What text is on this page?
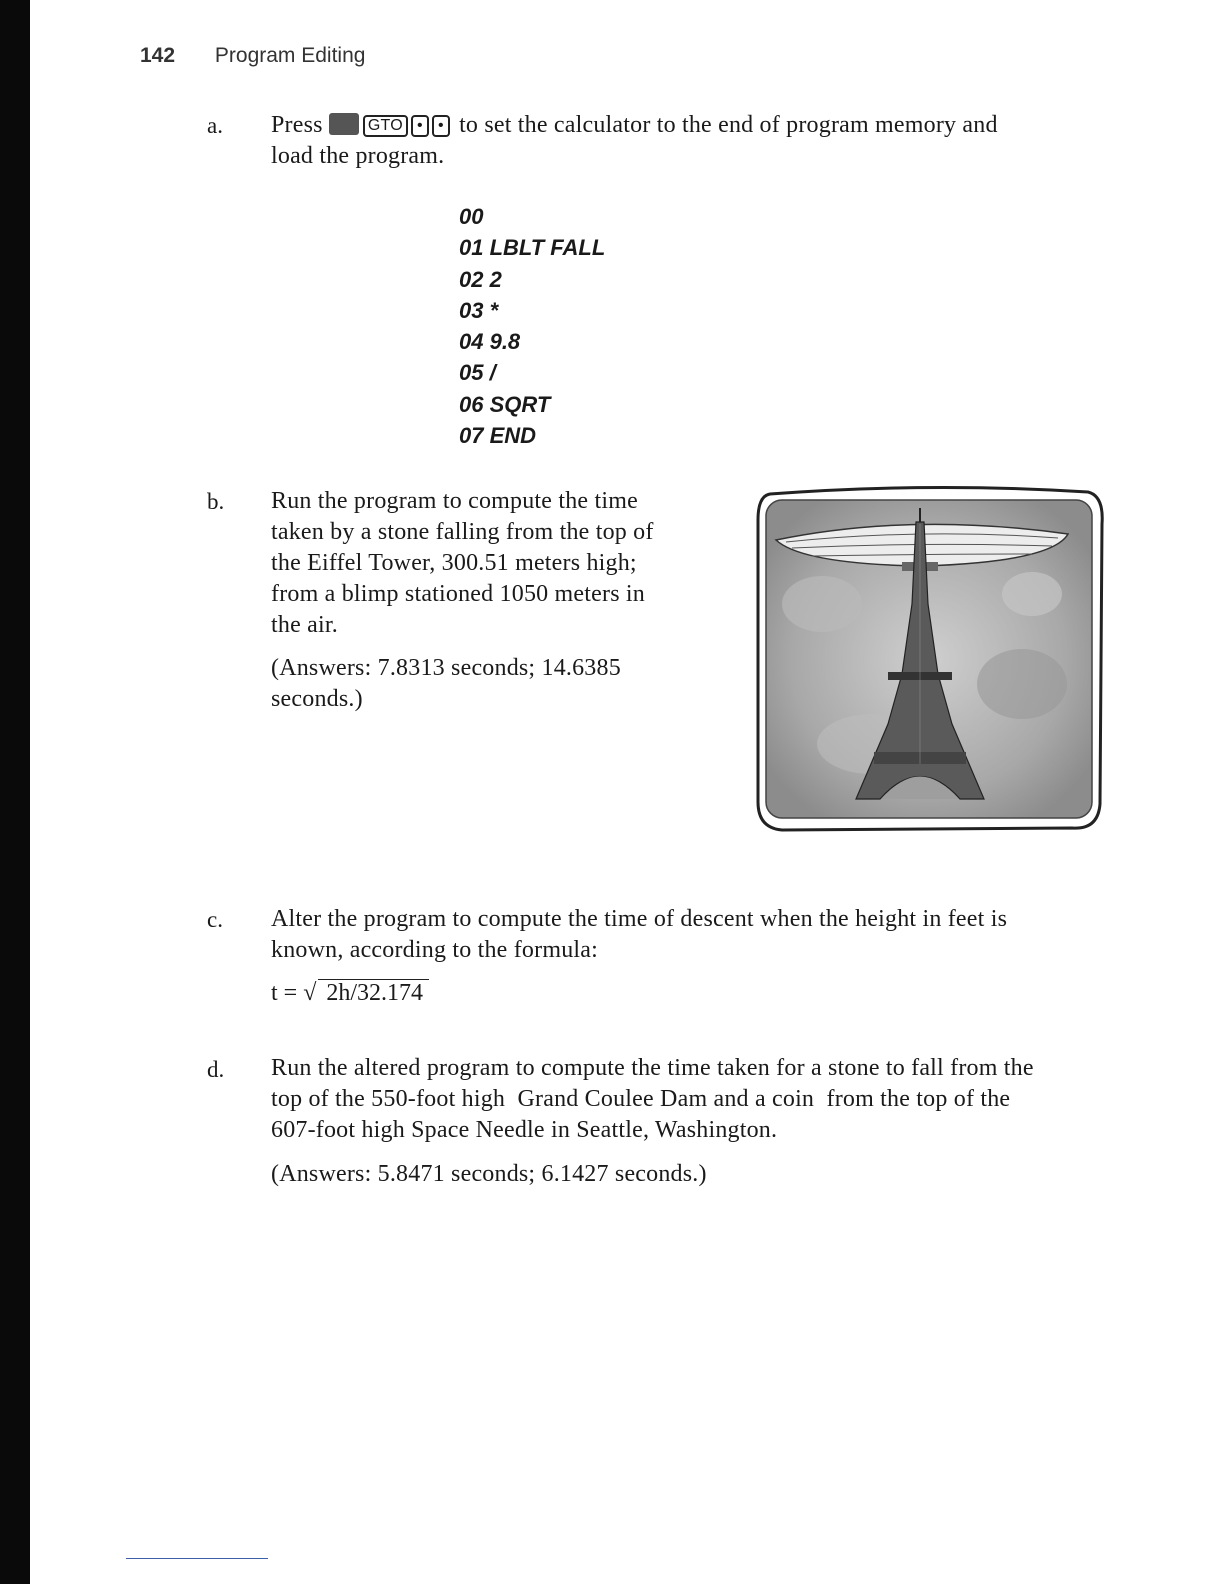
142 Program Editing
a. Press	GTO • • to set the calculator to the end of program memory and
load the program.
00
01 LBLT FALL
02 2
03 *
04 9.8
05 /
06 SQRT
07 END
b. Run the program to compute the time
taken by a stone falling from the top of
the Eiffel Tower, 300.51 meters high;
from a blimp stationed 1050 meters in
the air.
(Answers: 7.8313 seconds; 14.6385
seconds.)
c. Alter the program to compute the time of descent when the height in feet is
known, according to the formula:
t = √ 2h/32.174
d. Run the altered program to compute the time taken for a stone to fall from the
top of the 550-foot high  Grand Coulee Dam and a coin  from the top of the
607-foot high Space Needle in Seattle, Washington.
(Answers: 5.8471 seconds; 6.1427 seconds.)
